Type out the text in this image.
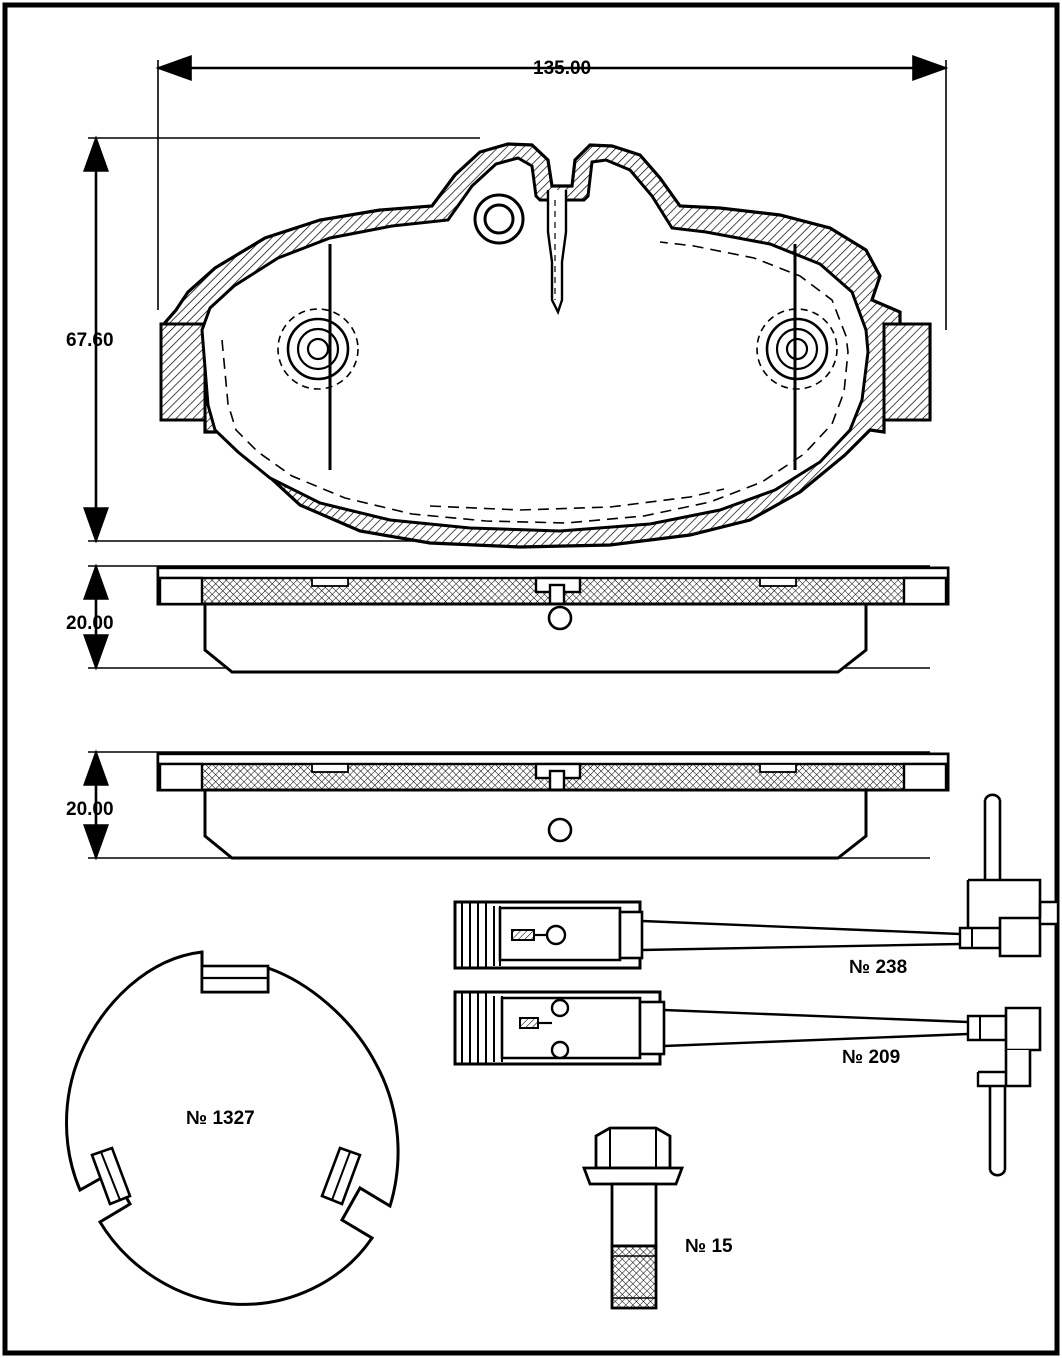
135.00
67.60
20.00
20.00
№ 238
№ 209
№ 1327
№ 15
